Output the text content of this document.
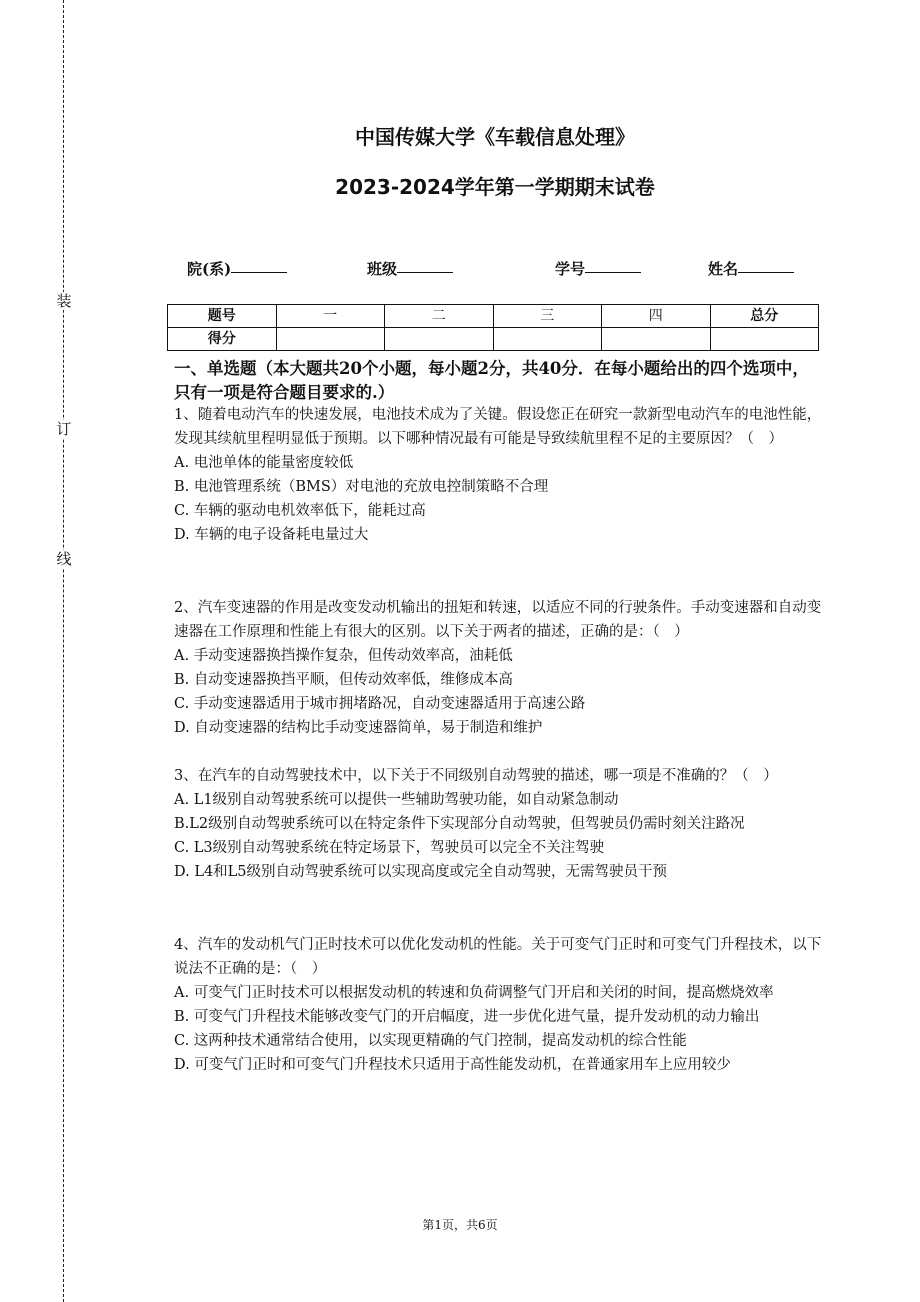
装
订
线
中国传媒大学《车载信息处理》
2023-2024学年第一学期期末试卷
院(系)	班级	学号	姓名
题号	一	二	三	四	总分
得分					
一、单选题（本大题共20个小题，每小题2分，共40分．在每小题给出的四个选项中，只有一项是符合题目要求的.）
1、随着电动汽车的快速发展，电池技术成为了关键。假设您正在研究一款新型电动汽车的电池性能，发现其续航里程明显低于预期。以下哪种情况最有可能是导致续航里程不足的主要原因？（　）
A. 电池单体的能量密度较低
B. 电池管理系统（BMS）对电池的充放电控制策略不合理
C. 车辆的驱动电机效率低下，能耗过高
D. 车辆的电子设备耗电量过大
2、汽车变速器的作用是改变发动机输出的扭矩和转速，以适应不同的行驶条件。手动变速器和自动变速器在工作原理和性能上有很大的区别。以下关于两者的描述，正确的是：（　）
A. 手动变速器换挡操作复杂，但传动效率高，油耗低
B. 自动变速器换挡平顺，但传动效率低，维修成本高
C. 手动变速器适用于城市拥堵路况，自动变速器适用于高速公路
D. 自动变速器的结构比手动变速器简单，易于制造和维护
3、在汽车的自动驾驶技术中，以下关于不同级别自动驾驶的描述，哪一项是不准确的？（　）
A. L1级别自动驾驶系统可以提供一些辅助驾驶功能，如自动紧急制动
B.L2级别自动驾驶系统可以在特定条件下实现部分自动驾驶，但驾驶员仍需时刻关注路况
C. L3级别自动驾驶系统在特定场景下，驾驶员可以完全不关注驾驶
D. L4和L5级别自动驾驶系统可以实现高度或完全自动驾驶，无需驾驶员干预
4、汽车的发动机气门正时技术可以优化发动机的性能。关于可变气门正时和可变气门升程技术，以下说法不正确的是：（　）
A. 可变气门正时技术可以根据发动机的转速和负荷调整气门开启和关闭的时间，提高燃烧效率
B. 可变气门升程技术能够改变气门的开启幅度，进一步优化进气量，提升发动机的动力输出
C. 这两种技术通常结合使用，以实现更精确的气门控制，提高发动机的综合性能
D. 可变气门正时和可变气门升程技术只适用于高性能发动机，在普通家用车上应用较少
第1页，共6页
